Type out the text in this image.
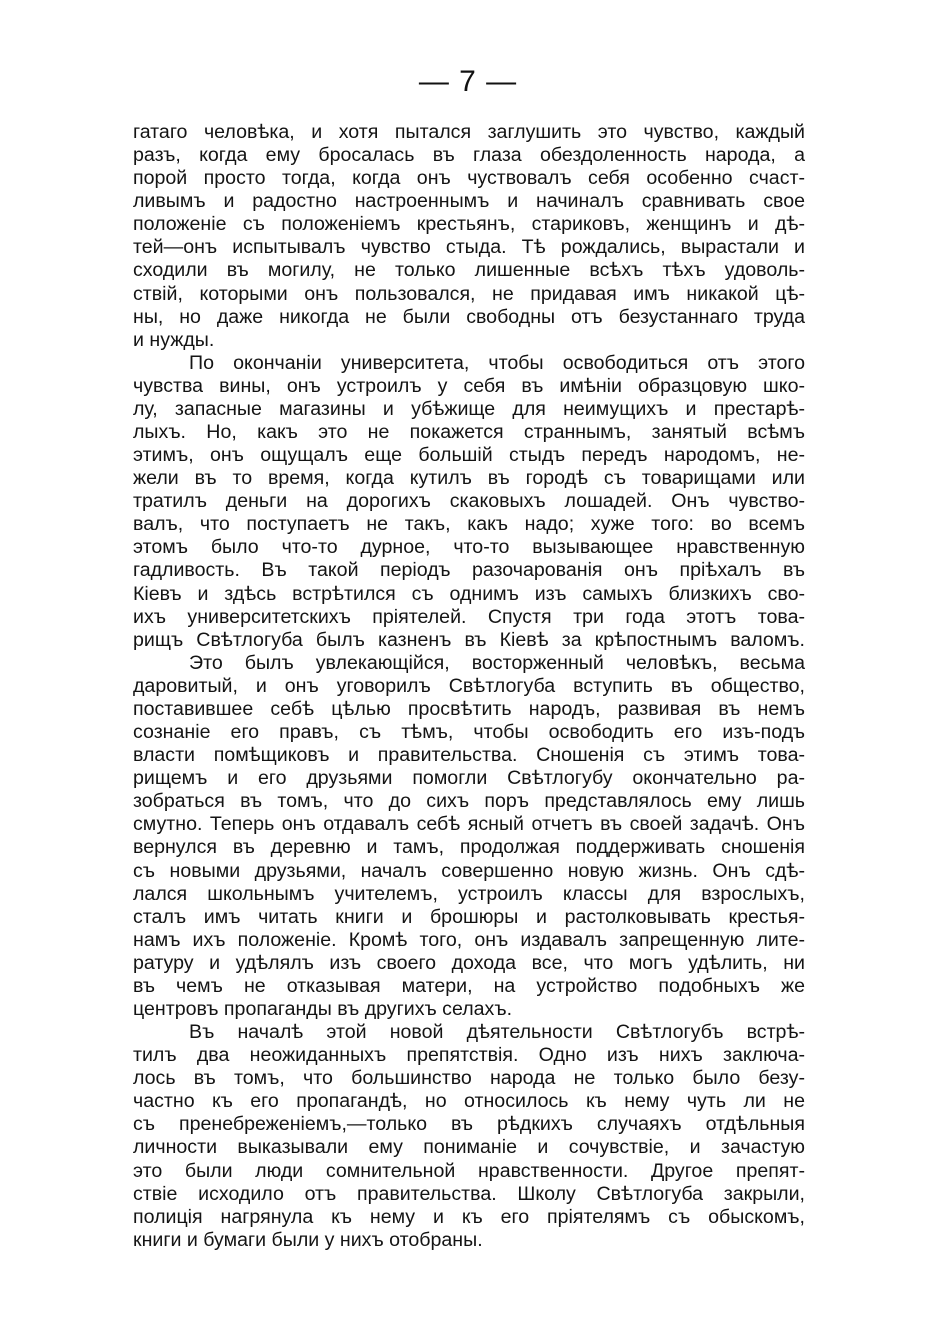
— 7 —
гатаго человѣка, и хотя пытался заглушить это чувство, каждый
разъ, когда ему бросалась въ глаза обездоленность народа, а
порой просто тогда, когда онъ чуствовалъ себя особенно счаст-
ливымъ и радостно настроеннымъ и начиналъ сравнивать свое
положеніе съ положеніемъ крестьянъ, стариковъ, женщинъ и дѣ-
тей—онъ испытывалъ чувство стыда. Тѣ рождались, вырастали и
сходили въ могилу, не только лишенные всѣхъ тѣхъ удоволь-
ствій, которыми онъ пользовался, не придавая имъ никакой цѣ-
ны, но даже никогда не были свободны отъ безустаннаго труда
и нужды.
По окончаніи университета, чтобы освободиться отъ этого
чувства вины, онъ устроилъ у себя въ имѣніи образцовую шко-
лу, запасные магазины и убѣжище для неимущихъ и престарѣ-
лыхъ. Но, какъ это не покажется страннымъ, занятый всѣмъ
этимъ, онъ ощущалъ еще большій стыдъ передъ народомъ, не-
жели въ то время, когда кутилъ въ городѣ съ товарищами или
тратилъ деньги на дорогихъ скаковыхъ лошадей. Онъ чувство-
валъ, что поступаетъ не такъ, какъ надо; хуже того: во всемъ
этомъ было что-то дурное, что-то вызывающее нравственную
гадливость. Въ такой періодъ разочарованія онъ пріѣхалъ въ
Кіевъ и здѣсь встрѣтился съ однимъ изъ самыхъ близкихъ сво-
ихъ университетскихъ пріятелей. Спустя три года этотъ това-
рищъ Свѣтлогуба былъ казненъ въ Кіевѣ за крѣпостнымъ валомъ.
Это былъ увлекающійся, восторженный человѣкъ, весьма
даровитый, и онъ уговорилъ Свѣтлогуба вступить въ общество,
поставившее себѣ цѣлью просвѣтить народъ, развивая въ немъ
сознаніе его правъ, съ тѣмъ, чтобы освободить его изъ-подъ
власти помѣщиковъ и правительства. Сношенія съ этимъ това-
рищемъ и его друзьями помогли Свѣтлогубу окончательно ра-
зобраться въ томъ, что до сихъ поръ представлялось ему лишь
смутно. Теперь онъ отдавалъ себѣ ясный отчетъ въ своей задачѣ. Онъ
вернулся въ деревню и тамъ, продолжая поддерживать сношенія
съ новыми друзьями, началъ совершенно новую жизнь. Онъ сдѣ-
лался школьнымъ учителемъ, устроилъ классы для взрослыхъ,
сталъ имъ читать книги и брошюры и растолковывать крестья-
намъ ихъ положеніе. Кромѣ того, онъ издавалъ запрещенную лите-
ратуру и удѣлялъ изъ своего дохода все, что могъ удѣлить, ни
въ чемъ не отказывая матери, на устройство подобныхъ же
центровъ пропаганды въ другихъ селахъ.
Въ началѣ этой новой дѣятельности Свѣтлогубъ встрѣ-
тилъ два неожиданныхъ препятствія. Одно изъ нихъ заключа-
лось въ томъ, что большинство народа не только было безу-
частно къ его пропагандѣ, но относилось къ нему чуть ли не
съ пренебреженіемъ,—только въ рѣдкихъ случаяхъ отдѣльныя
личности выказывали ему пониманіе и сочувствіе, и зачастую
это были люди сомнительной нравственности. Другое препят-
ствіе исходило отъ правительства. Школу Свѣтлогуба закрыли,
полиція нагрянула къ нему и къ его пріятелямъ съ обыскомъ,
книги и бумаги были у нихъ отобраны.
